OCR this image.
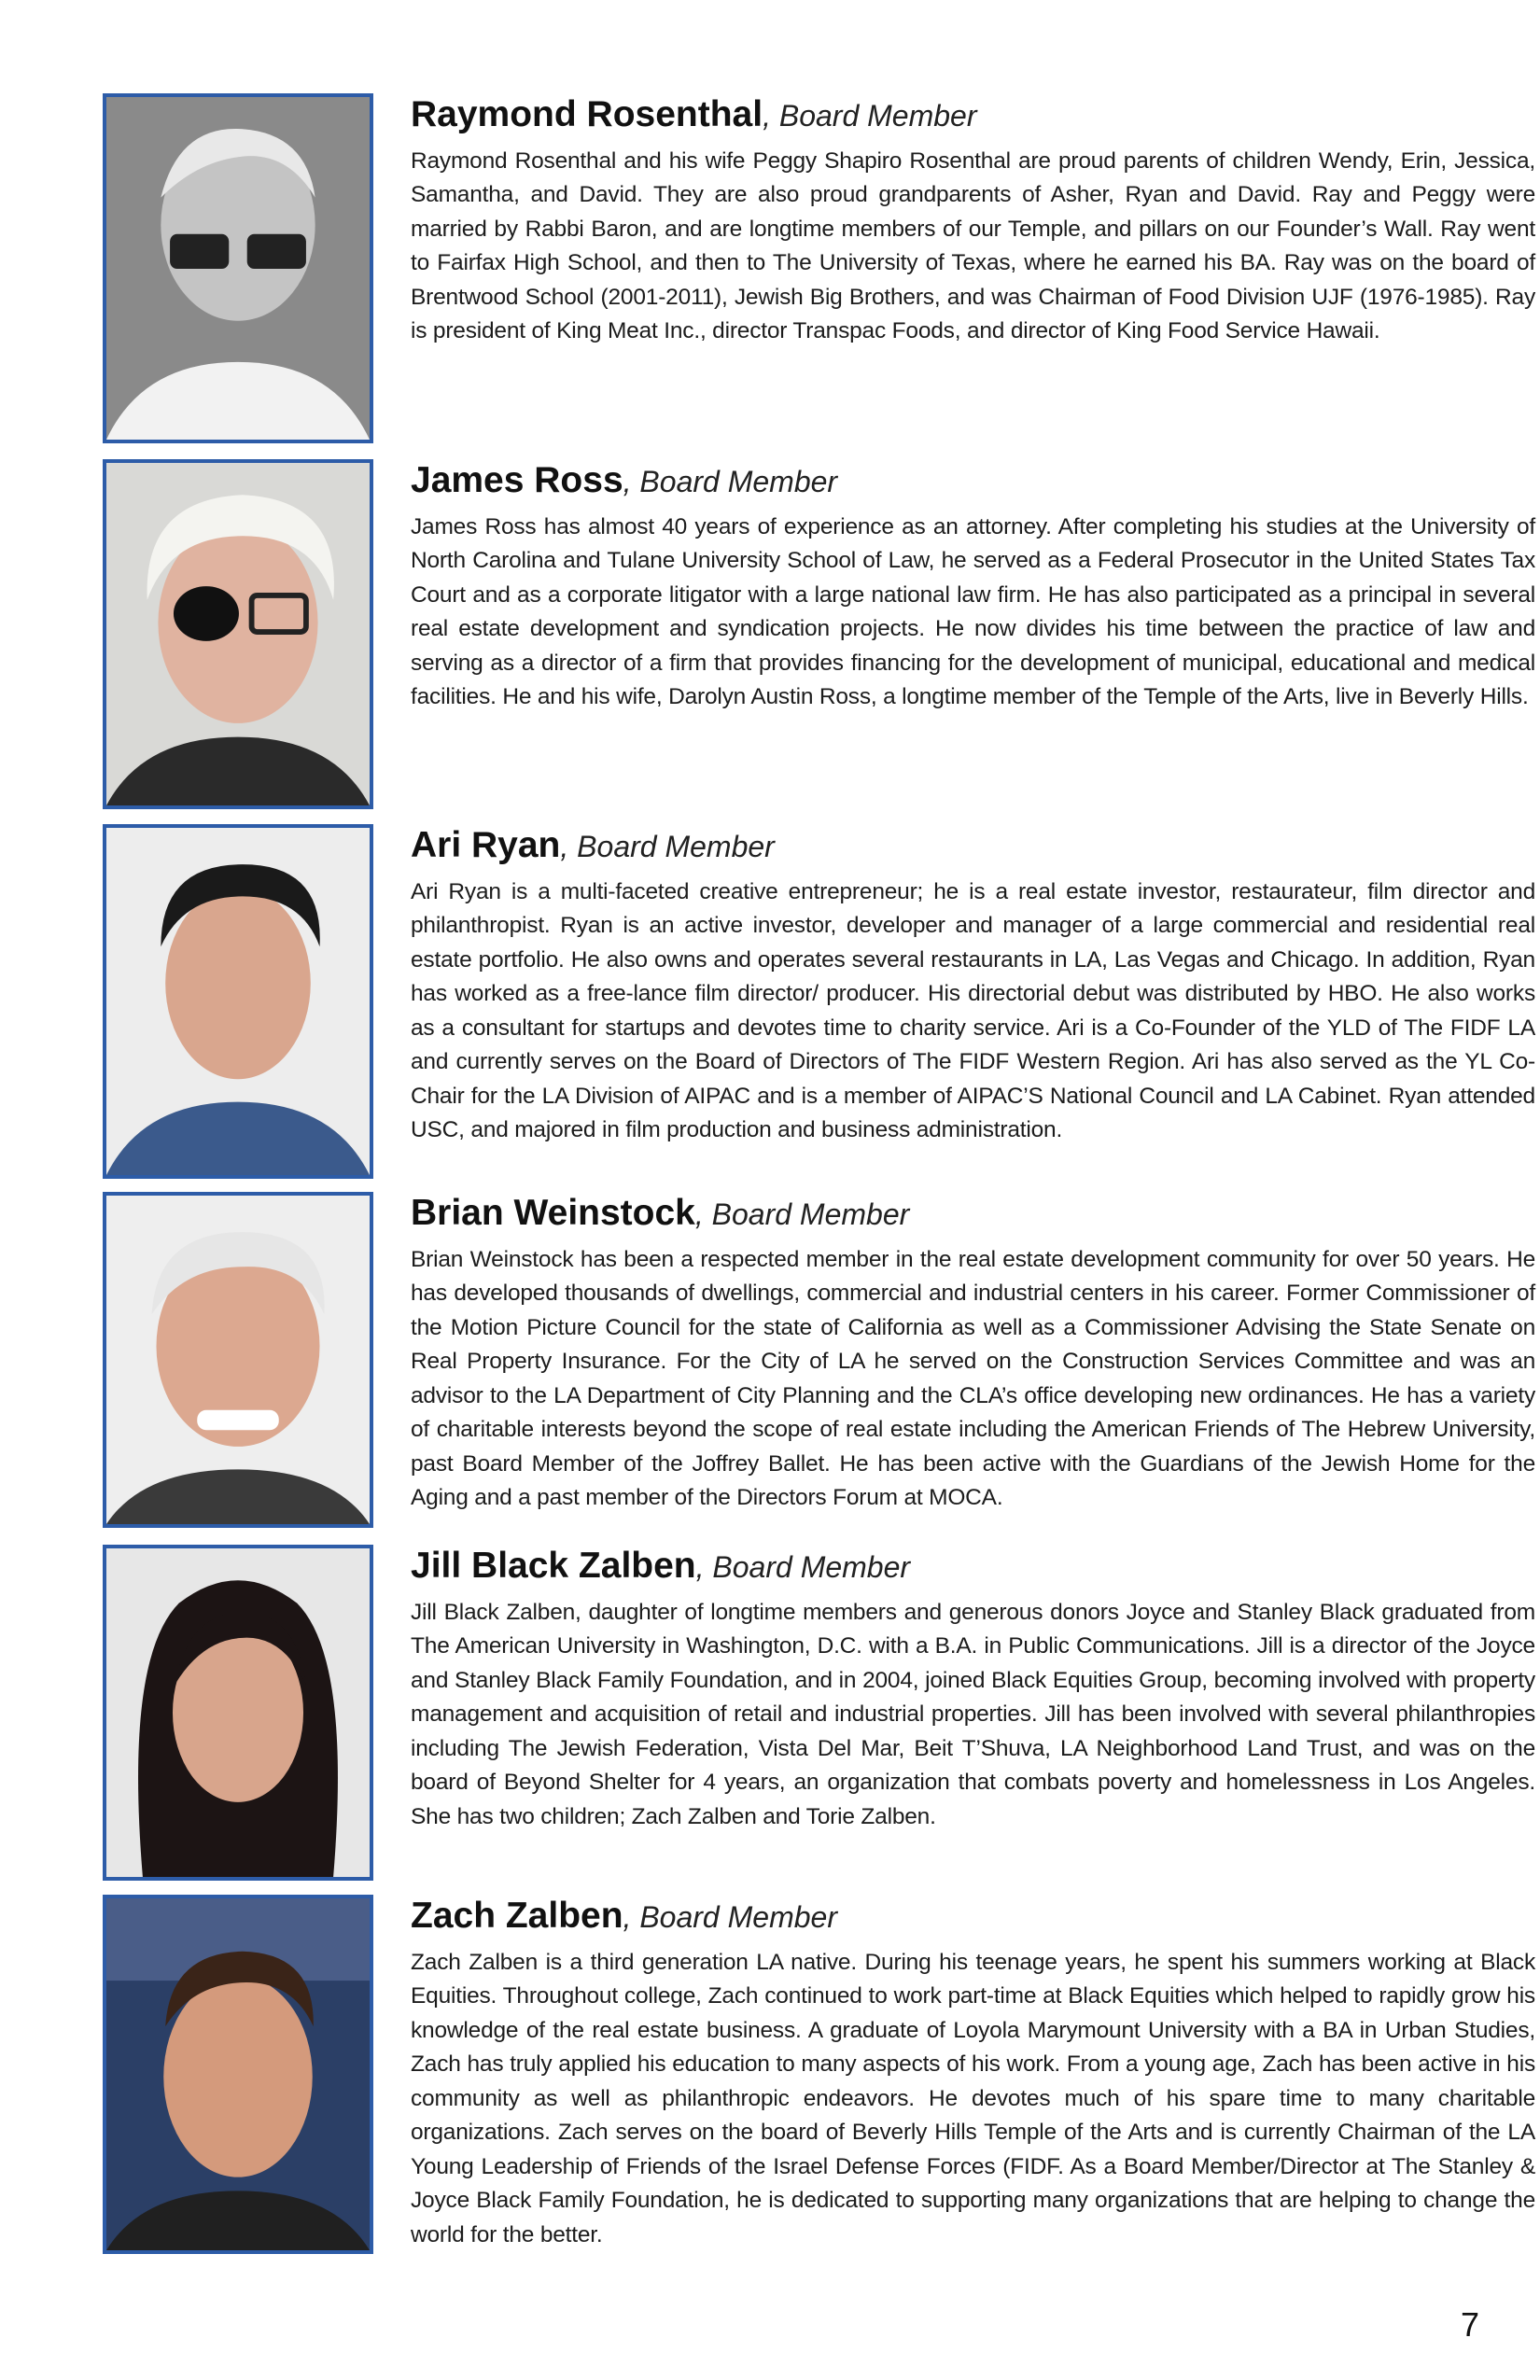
Raymond Rosenthal, Board Member

Raymond Rosenthal and his wife Peggy Shapiro Rosenthal are proud parents of children Wendy, Erin, Jessica, Samantha, and David. They are also proud grandparents of Asher, Ryan and David. Ray and Peggy were married by Rabbi Baron, and are longtime members of our Temple, and pillars on our Founder’s Wall. Ray went to Fairfax High School, and then to The University of Texas, where he earned his BA. Ray was on the board of Brentwood School (2001-2011), Jewish Big Brothers, and was Chairman of Food Division UJF (1976-1985). Ray is president of King Meat Inc., director Transpac Foods, and director of King Food Service Hawaii.

James Ross, Board Member

James Ross has almost 40 years of experience as an attorney. After completing his studies at the University of North Carolina and Tulane University School of Law, he served as a Federal Prosecutor in the United States Tax Court and as a corporate litigator with a large national law firm. He has also participated as a principal in several real estate development and syndication projects. He now divides his time between the practice of law and serving as a director of a firm that provides financing for the development of municipal, educational and medical facilities. He and his wife, Darolyn Austin Ross, a longtime member of the Temple of the Arts, live in Beverly Hills.

Ari Ryan, Board Member

Ari Ryan is a multi-faceted creative entrepreneur; he is a real estate investor, restaurateur, film director and philanthropist. Ryan is an active investor, developer and manager of a large commercial and residential real estate portfolio. He also owns and operates several restaurants in LA, Las Vegas and Chicago. In addition, Ryan has worked as a free-lance film director/ producer. His directorial debut was distributed by HBO. He also works as a consultant for startups and devotes time to charity service. Ari is a Co-Founder of the YLD of The FIDF LA and currently serves on the Board of Directors of The FIDF Western Region. Ari has also served as the YL Co-Chair for the LA Division of AIPAC and is a member of AIPAC’S National Council and LA Cabinet. Ryan attended USC, and majored in film production and business administration.

Brian Weinstock, Board Member

Brian Weinstock has been a respected member in the real estate development community for over 50 years. He has developed thousands of dwellings, commercial and industrial centers in his career. Former Commissioner of the Motion Picture Council for the state of California as well as a Commissioner Advising the State Senate on Real Property Insurance. For the City of LA he served on the Construction Services Committee and was an advisor to the LA Department of City Planning and the CLA’s office developing new ordinances. He has a variety of charitable interests beyond the scope of real estate including the American Friends of The Hebrew University, past Board Member of the Joffrey Ballet. He has been active with the Guardians of the Jewish Home for the Aging and a past member of the Directors Forum at MOCA.

Jill Black Zalben, Board Member

Jill Black Zalben, daughter of longtime members and generous donors Joyce and Stanley Black graduated from The American University in Washington, D.C. with a B.A. in Public Communications. Jill is a director of the Joyce and Stanley Black Family Foundation, and in 2004, joined Black Equities Group, becoming involved with property management and acquisition of retail and industrial properties. Jill has been involved with several philanthropies including The Jewish Federation, Vista Del Mar, Beit T’Shuva, LA Neighborhood Land Trust, and was on the board of Beyond Shelter for 4 years, an organization that combats poverty and homelessness in Los Angeles. She has two children; Zach Zalben and Torie Zalben.

Zach Zalben, Board Member

Zach Zalben is a third generation LA native. During his teenage years, he spent his summers working at Black Equities. Throughout college, Zach continued to work part-time at Black Equities which helped to rapidly grow his knowledge of the real estate business. A graduate of Loyola Marymount University with a BA in Urban Studies, Zach has truly applied his education to many aspects of his work. From a young age, Zach has been active in his community as well as philanthropic endeavors. He devotes much of his spare time to many charitable organizations. Zach serves on the board of Beverly Hills Temple of the Arts and is currently Chairman of the LA Young Leadership of Friends of the Israel Defense Forces (FIDF. As a Board Member/Director at The Stanley & Joyce Black Family Foundation, he is dedicated to supporting many organizations that are helping to change the world for the better.

7
